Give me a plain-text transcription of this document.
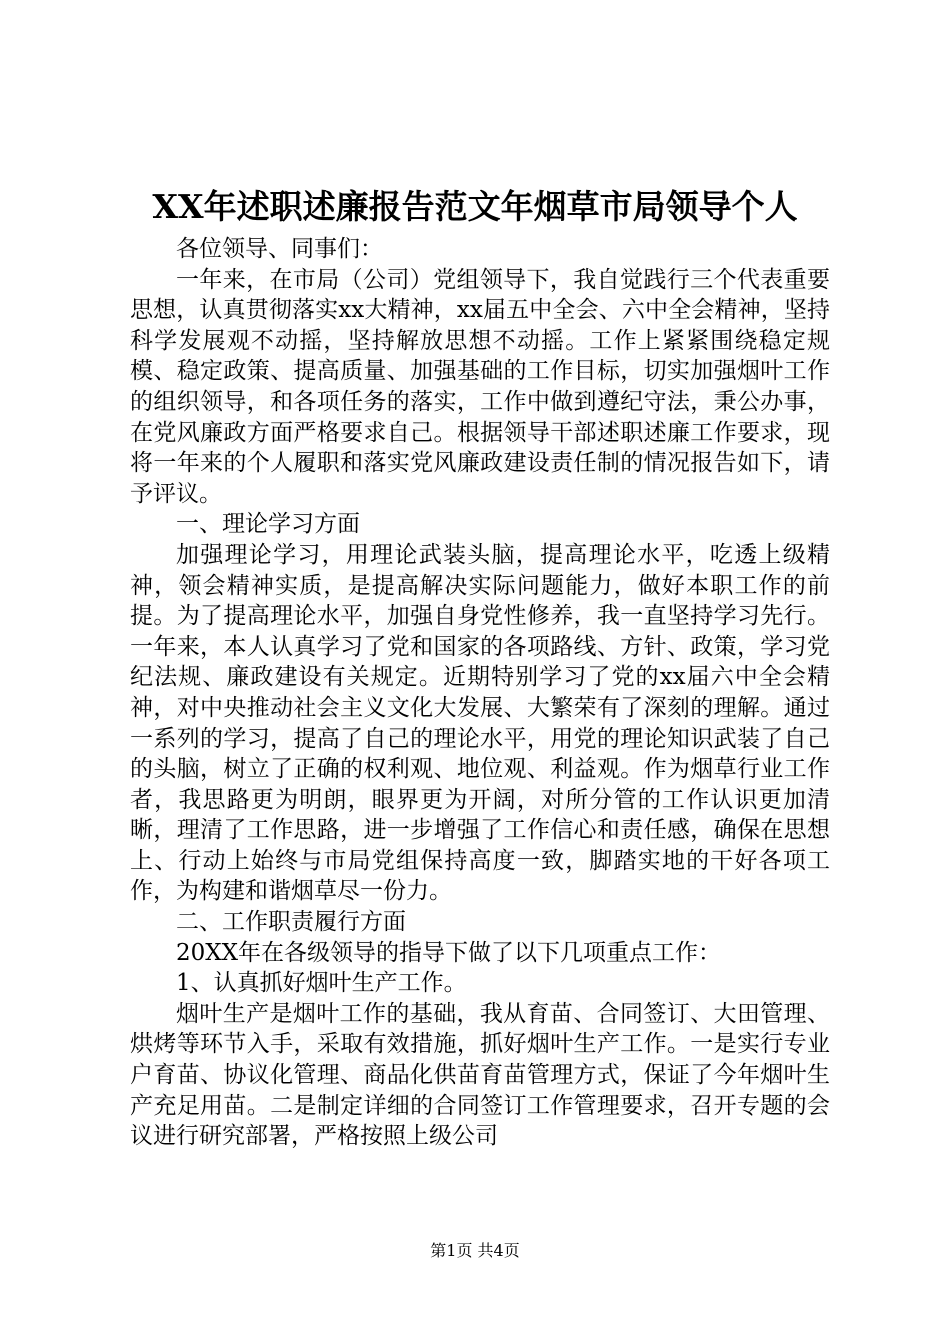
XX年述职述廉报告范文年烟草市局领导个人

各位领导、同事们：

一年来，在市局（公司）党组领导下，我自觉践行三个代表重要思想，认真贯彻落实xx大精神，xx届五中全会、六中全会精神，坚持科学发展观不动摇，坚持解放思想不动摇。工作上紧紧围绕稳定规模、稳定政策、提高质量、加强基础的工作目标，切实加强烟叶工作的组织领导，和各项任务的落实，工作中做到遵纪守法，秉公办事，在党风廉政方面严格要求自己。根据领导干部述职述廉工作要求，现将一年来的个人履职和落实党风廉政建设责任制的情况报告如下，请予评议。

一、理论学习方面

加强理论学习，用理论武装头脑，提高理论水平，吃透上级精神，领会精神实质，是提高解决实际问题能力，做好本职工作的前提。为了提高理论水平，加强自身党性修养，我一直坚持学习先行。一年来，本人认真学习了党和国家的各项路线、方针、政策，学习党纪法规、廉政建设有关规定。近期特别学习了党的xx届六中全会精神，对中央推动社会主义文化大发展、大繁荣有了深刻的理解。通过一系列的学习，提高了自己的理论水平，用党的理论知识武装了自己的头脑，树立了正确的权利观、地位观、利益观。作为烟草行业工作者，我思路更为明朗，眼界更为开阔，对所分管的工作认识更加清晰，理清了工作思路，进一步增强了工作信心和责任感，确保在思想上、行动上始终与市局党组保持高度一致，脚踏实地的干好各项工作，为构建和谐烟草尽一份力。

二、工作职责履行方面

20XX年在各级领导的指导下做了以下几项重点工作：

1、认真抓好烟叶生产工作。

烟叶生产是烟叶工作的基础，我从育苗、合同签订、大田管理、烘烤等环节入手，采取有效措施，抓好烟叶生产工作。一是实行专业户育苗、协议化管理、商品化供苗育苗管理方式，保证了今年烟叶生产充足用苗。二是制定详细的合同签订工作管理要求，召开专题的会议进行研究部署，严格按照上级公司

第1页 共4页
